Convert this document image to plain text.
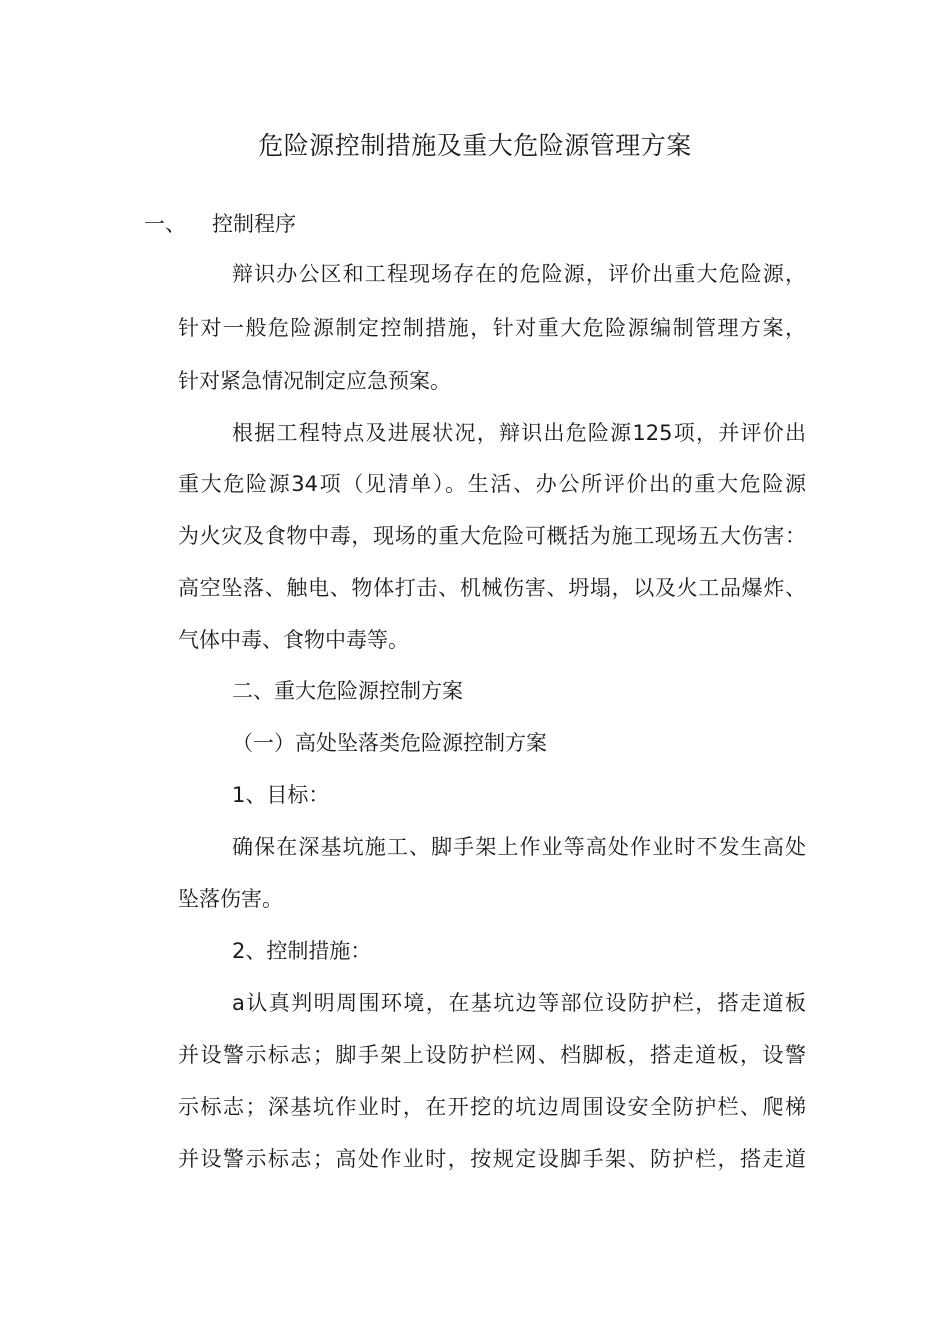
危险源控制措施及重大危险源管理方案
一、 控制程序
辩识办公区和工程现场存在的危险源，评价出重大危险源，
针对一般危险源制定控制措施，针对重大危险源编制管理方案，
针对紧急情况制定应急预案。
根据工程特点及进展状况，辩识出危险源125项，并评价出
重大危险源34项（见清单）。生活、办公所评价出的重大危险源
为火灾及食物中毒，现场的重大危险可概括为施工现场五大伤害：
高空坠落、触电、物体打击、机械伤害、坍塌，以及火工品爆炸、
气体中毒、食物中毒等。
二、重大危险源控制方案
（一）高处坠落类危险源控制方案
1、目标：
确保在深基坑施工、脚手架上作业等高处作业时不发生高处
坠落伤害。
2、控制措施：
a认真判明周围环境，在基坑边等部位设防护栏，搭走道板
并设警示标志；脚手架上设防护栏网、档脚板，搭走道板，设警
示标志；深基坑作业时，在开挖的坑边周围设安全防护栏、爬梯
并设警示标志；高处作业时，按规定设脚手架、防护栏，搭走道
